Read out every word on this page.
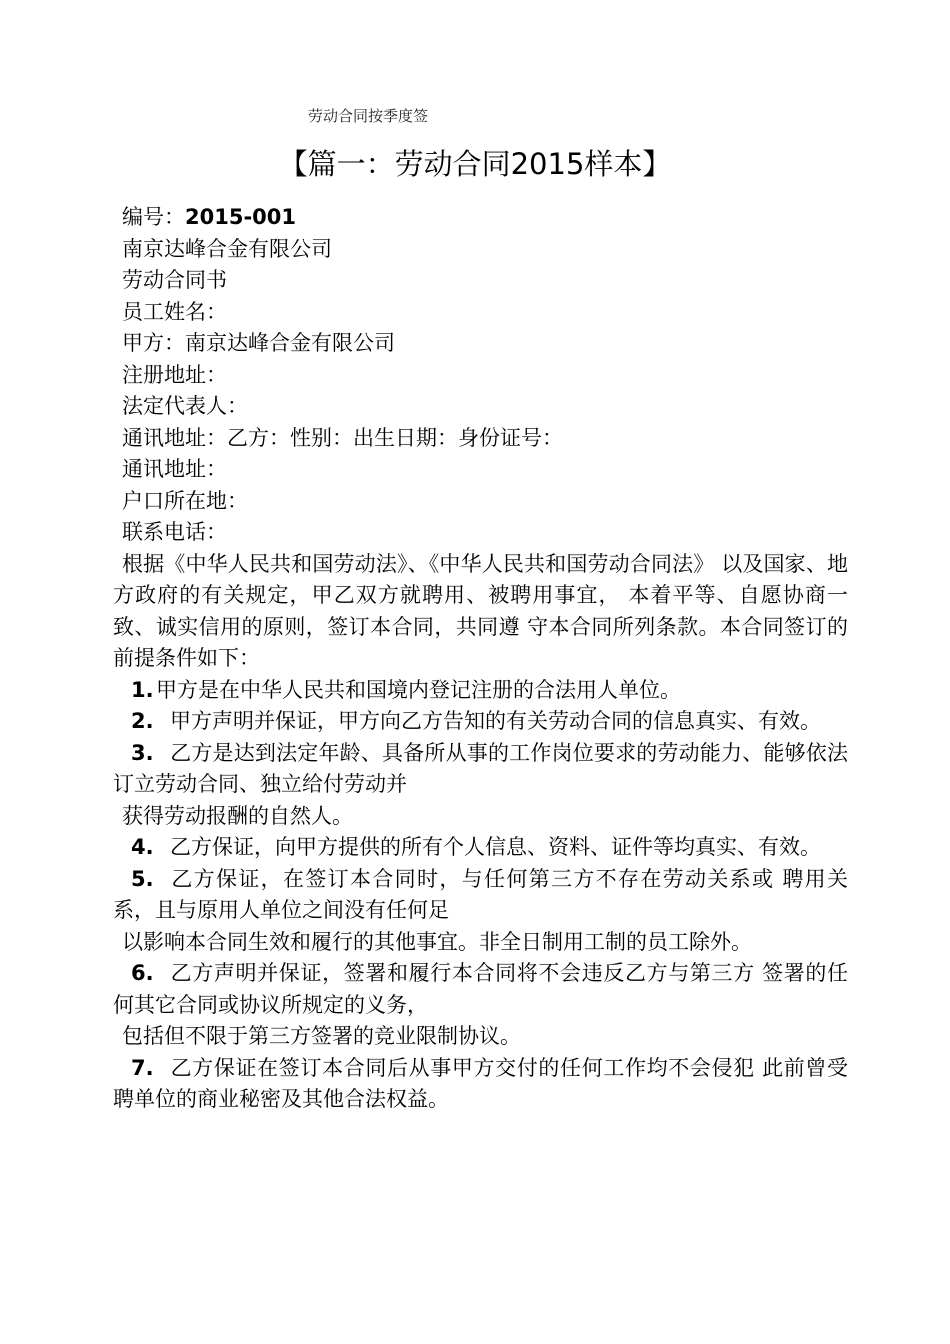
劳动合同按季度签
【篇一：劳动合同2015样本】
编号：2015-001
南京达峰合金有限公司
劳动合同书
员工姓名：
甲方：南京达峰合金有限公司
注册地址：
法定代表人：
通讯地址：乙方：性别：出生日期：身份证号：
通讯地址：
户口所在地：
联系电话：
根据《中华人民共和国劳动法》、《中华人民共和国劳动合同法》 以及国家、地方政府的有关规定，甲乙双方就聘用、被聘用事宜， 本着平等、自愿协商一致、诚实信用的原则，签订本合同，共同遵 守本合同所列条款。本合同签订的前提条件如下：
1. 甲方是在中华人民共和国境内登记注册的合法用人单位。
2. 甲方声明并保证，甲方向乙方告知的有关劳动合同的信息真实、有效。
3. 乙方是达到法定年龄、具备所从事的工作岗位要求的劳动能力、能够依法订立劳动合同、独立给付劳动并
获得劳动报酬的自然人。
4. 乙方保证，向甲方提供的所有个人信息、资料、证件等均真实、有效。
5. 乙方保证，在签订本合同时，与任何第三方不存在劳动关系或 聘用关系，且与原用人单位之间没有任何足
以影响本合同生效和履行的其他事宜。非全日制用工制的员工除外。
6. 乙方声明并保证，签署和履行本合同将不会违反乙方与第三方 签署的任何其它合同或协议所规定的义务，
包括但不限于第三方签署的竞业限制协议。
7. 乙方保证在签订本合同后从事甲方交付的任何工作均不会侵犯 此前曾受聘单位的商业秘密及其他合法权益。
